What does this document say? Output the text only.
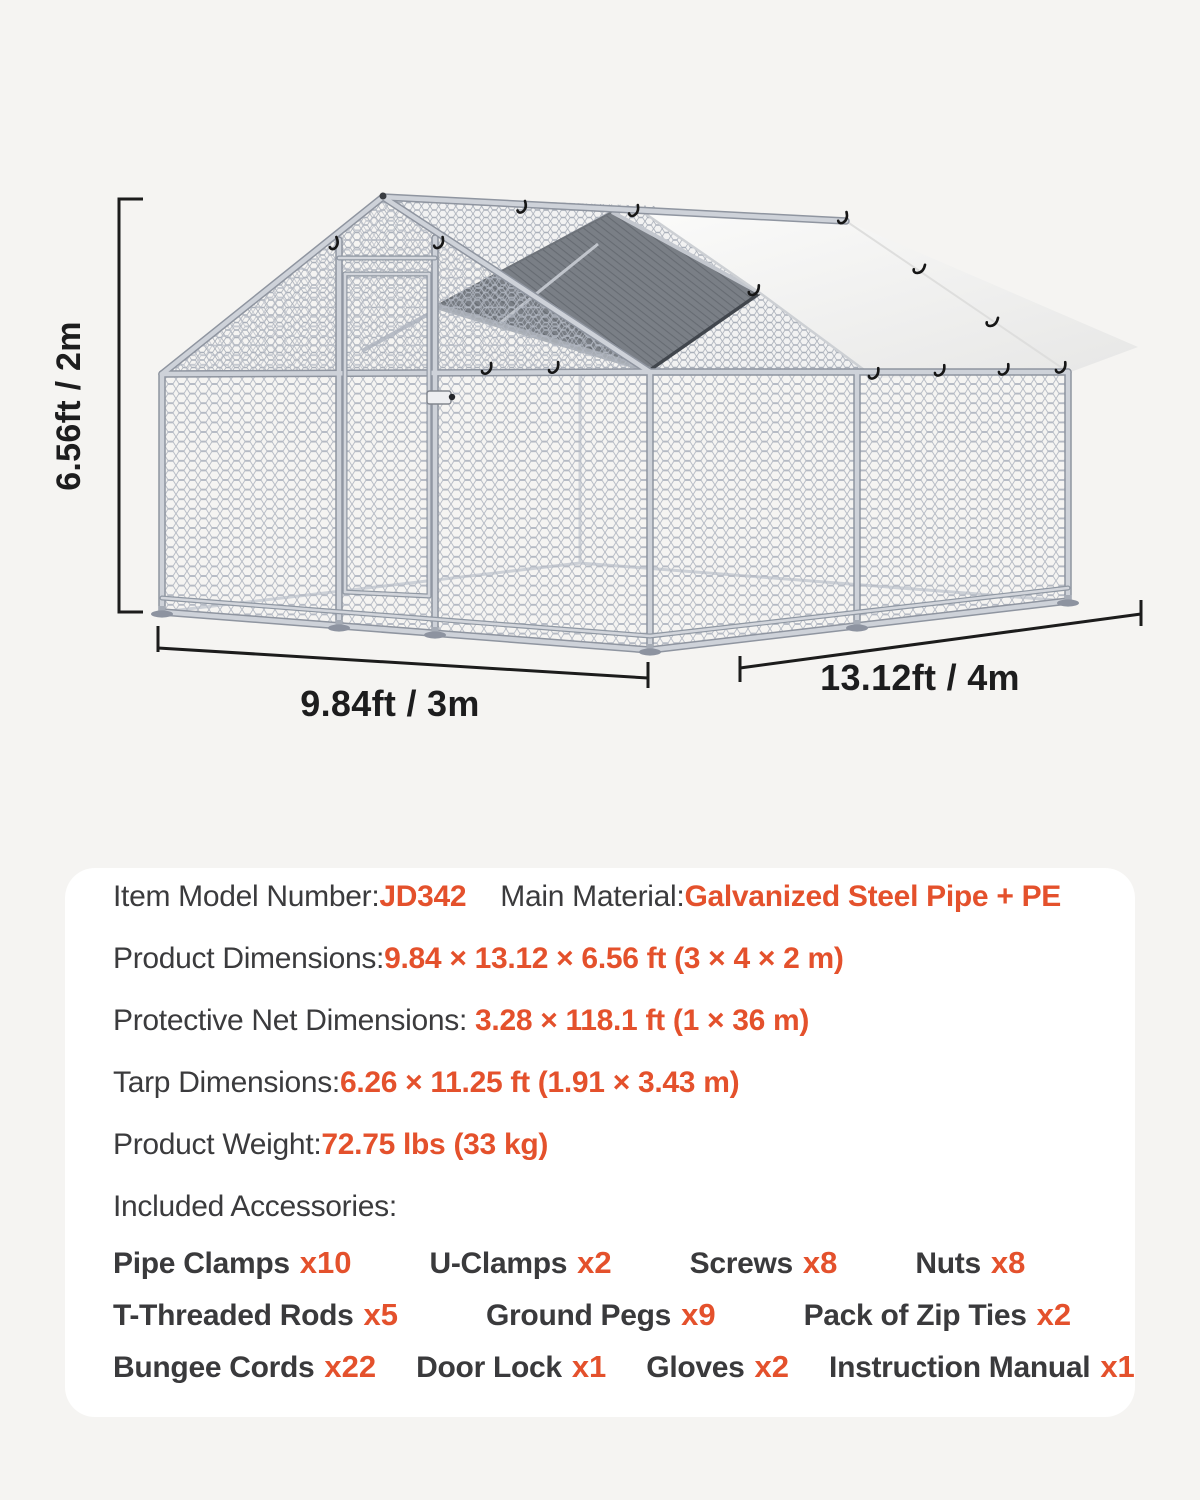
6.56ft / 2m
9.84ft / 3m
13.12ft / 4m
Item Model Number:JD342 Main Material:Galvanized Steel Pipe + PE
Product Dimensions:9.84 × 13.12 × 6.56 ft (3 × 4 × 2 m)
Protective Net Dimensions: 3.28 × 118.1 ft (1 × 36 m)
Tarp Dimensions:6.26 × 11.25 ft (1.91 × 3.43 m)
Product Weight:72.75 lbs (33 kg)
Included Accessories:
Pipe Clamps x10	U-Clamps x2	Screws x8	Nuts x8
T-Threaded Rods x5	Ground Pegs x9	Pack of Zip Ties x2
Bungee Cords x22 Door Lock x1 Gloves x2 Instruction Manual x1
